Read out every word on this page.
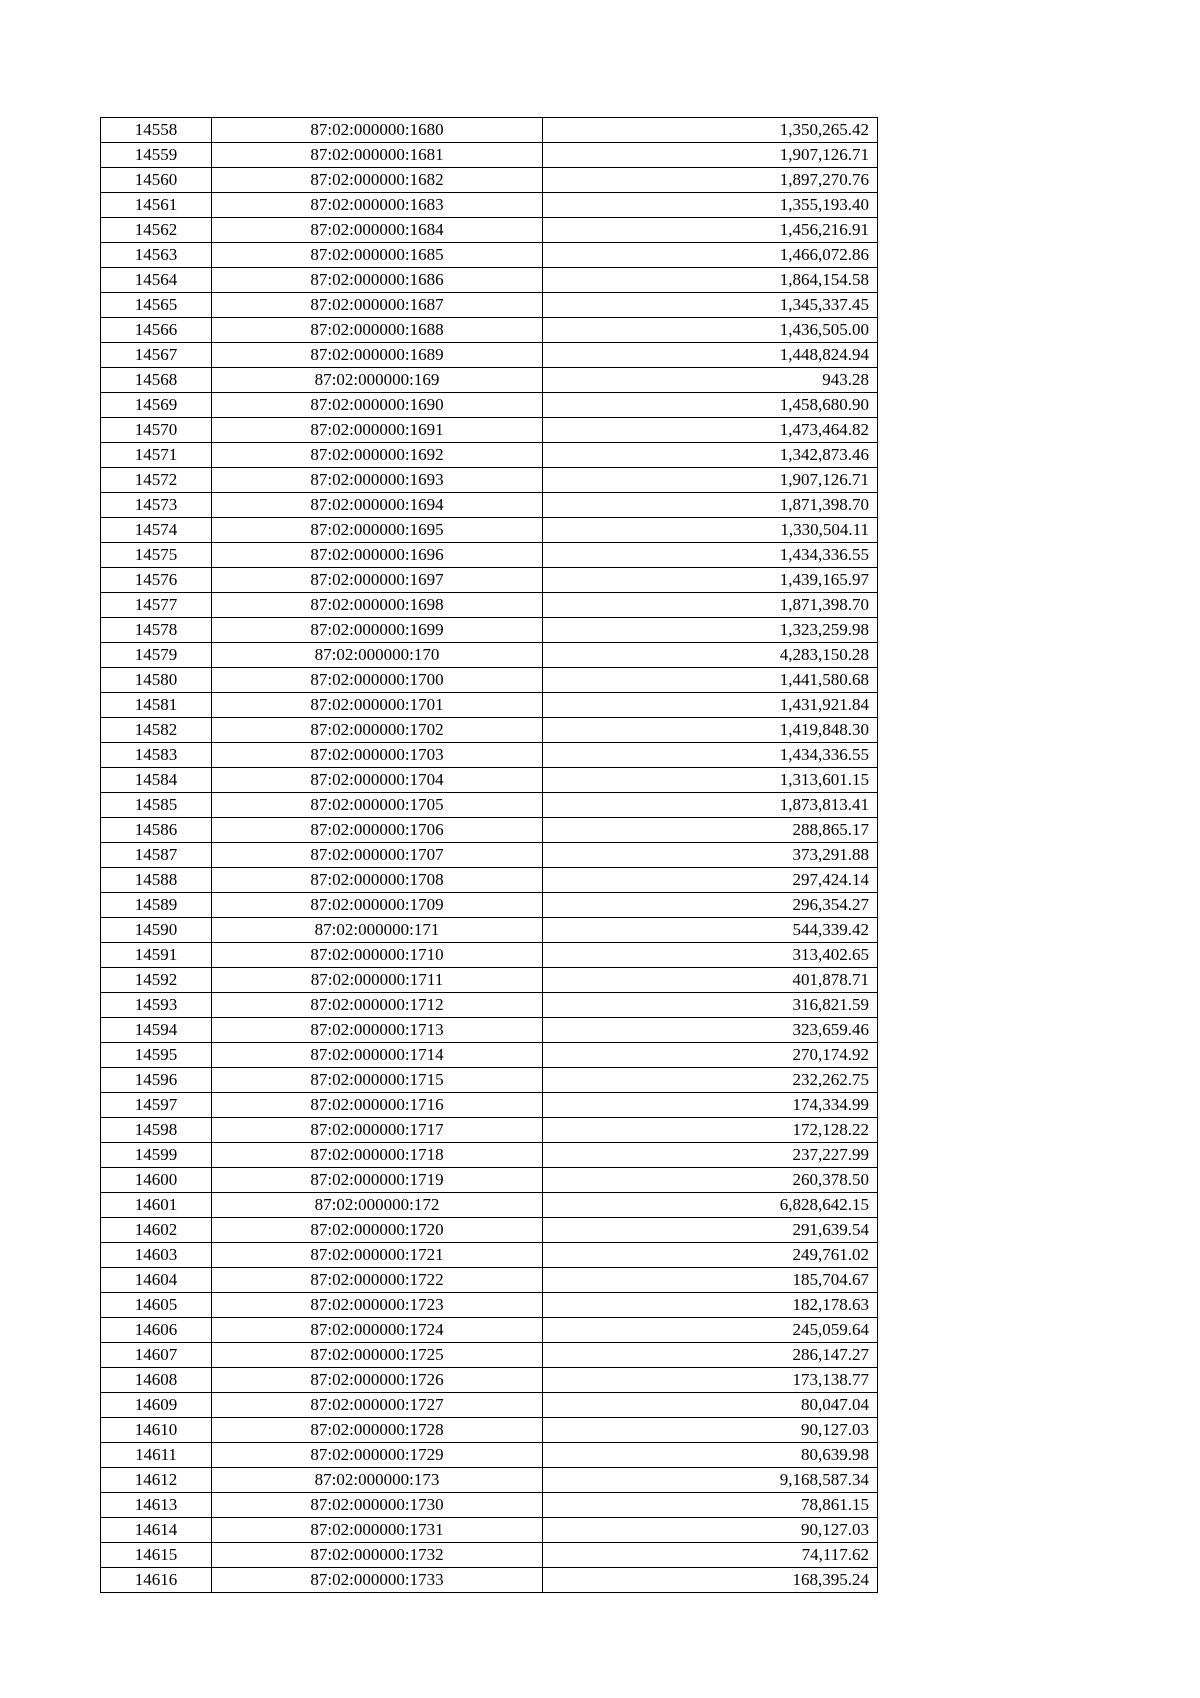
14558	87:02:000000:1680	1,350,265.42
14559	87:02:000000:1681	1,907,126.71
14560	87:02:000000:1682	1,897,270.76
14561	87:02:000000:1683	1,355,193.40
14562	87:02:000000:1684	1,456,216.91
14563	87:02:000000:1685	1,466,072.86
14564	87:02:000000:1686	1,864,154.58
14565	87:02:000000:1687	1,345,337.45
14566	87:02:000000:1688	1,436,505.00
14567	87:02:000000:1689	1,448,824.94
14568	87:02:000000:169	943.28
14569	87:02:000000:1690	1,458,680.90
14570	87:02:000000:1691	1,473,464.82
14571	87:02:000000:1692	1,342,873.46
14572	87:02:000000:1693	1,907,126.71
14573	87:02:000000:1694	1,871,398.70
14574	87:02:000000:1695	1,330,504.11
14575	87:02:000000:1696	1,434,336.55
14576	87:02:000000:1697	1,439,165.97
14577	87:02:000000:1698	1,871,398.70
14578	87:02:000000:1699	1,323,259.98
14579	87:02:000000:170	4,283,150.28
14580	87:02:000000:1700	1,441,580.68
14581	87:02:000000:1701	1,431,921.84
14582	87:02:000000:1702	1,419,848.30
14583	87:02:000000:1703	1,434,336.55
14584	87:02:000000:1704	1,313,601.15
14585	87:02:000000:1705	1,873,813.41
14586	87:02:000000:1706	288,865.17
14587	87:02:000000:1707	373,291.88
14588	87:02:000000:1708	297,424.14
14589	87:02:000000:1709	296,354.27
14590	87:02:000000:171	544,339.42
14591	87:02:000000:1710	313,402.65
14592	87:02:000000:1711	401,878.71
14593	87:02:000000:1712	316,821.59
14594	87:02:000000:1713	323,659.46
14595	87:02:000000:1714	270,174.92
14596	87:02:000000:1715	232,262.75
14597	87:02:000000:1716	174,334.99
14598	87:02:000000:1717	172,128.22
14599	87:02:000000:1718	237,227.99
14600	87:02:000000:1719	260,378.50
14601	87:02:000000:172	6,828,642.15
14602	87:02:000000:1720	291,639.54
14603	87:02:000000:1721	249,761.02
14604	87:02:000000:1722	185,704.67
14605	87:02:000000:1723	182,178.63
14606	87:02:000000:1724	245,059.64
14607	87:02:000000:1725	286,147.27
14608	87:02:000000:1726	173,138.77
14609	87:02:000000:1727	80,047.04
14610	87:02:000000:1728	90,127.03
14611	87:02:000000:1729	80,639.98
14612	87:02:000000:173	9,168,587.34
14613	87:02:000000:1730	78,861.15
14614	87:02:000000:1731	90,127.03
14615	87:02:000000:1732	74,117.62
14616	87:02:000000:1733	168,395.24
